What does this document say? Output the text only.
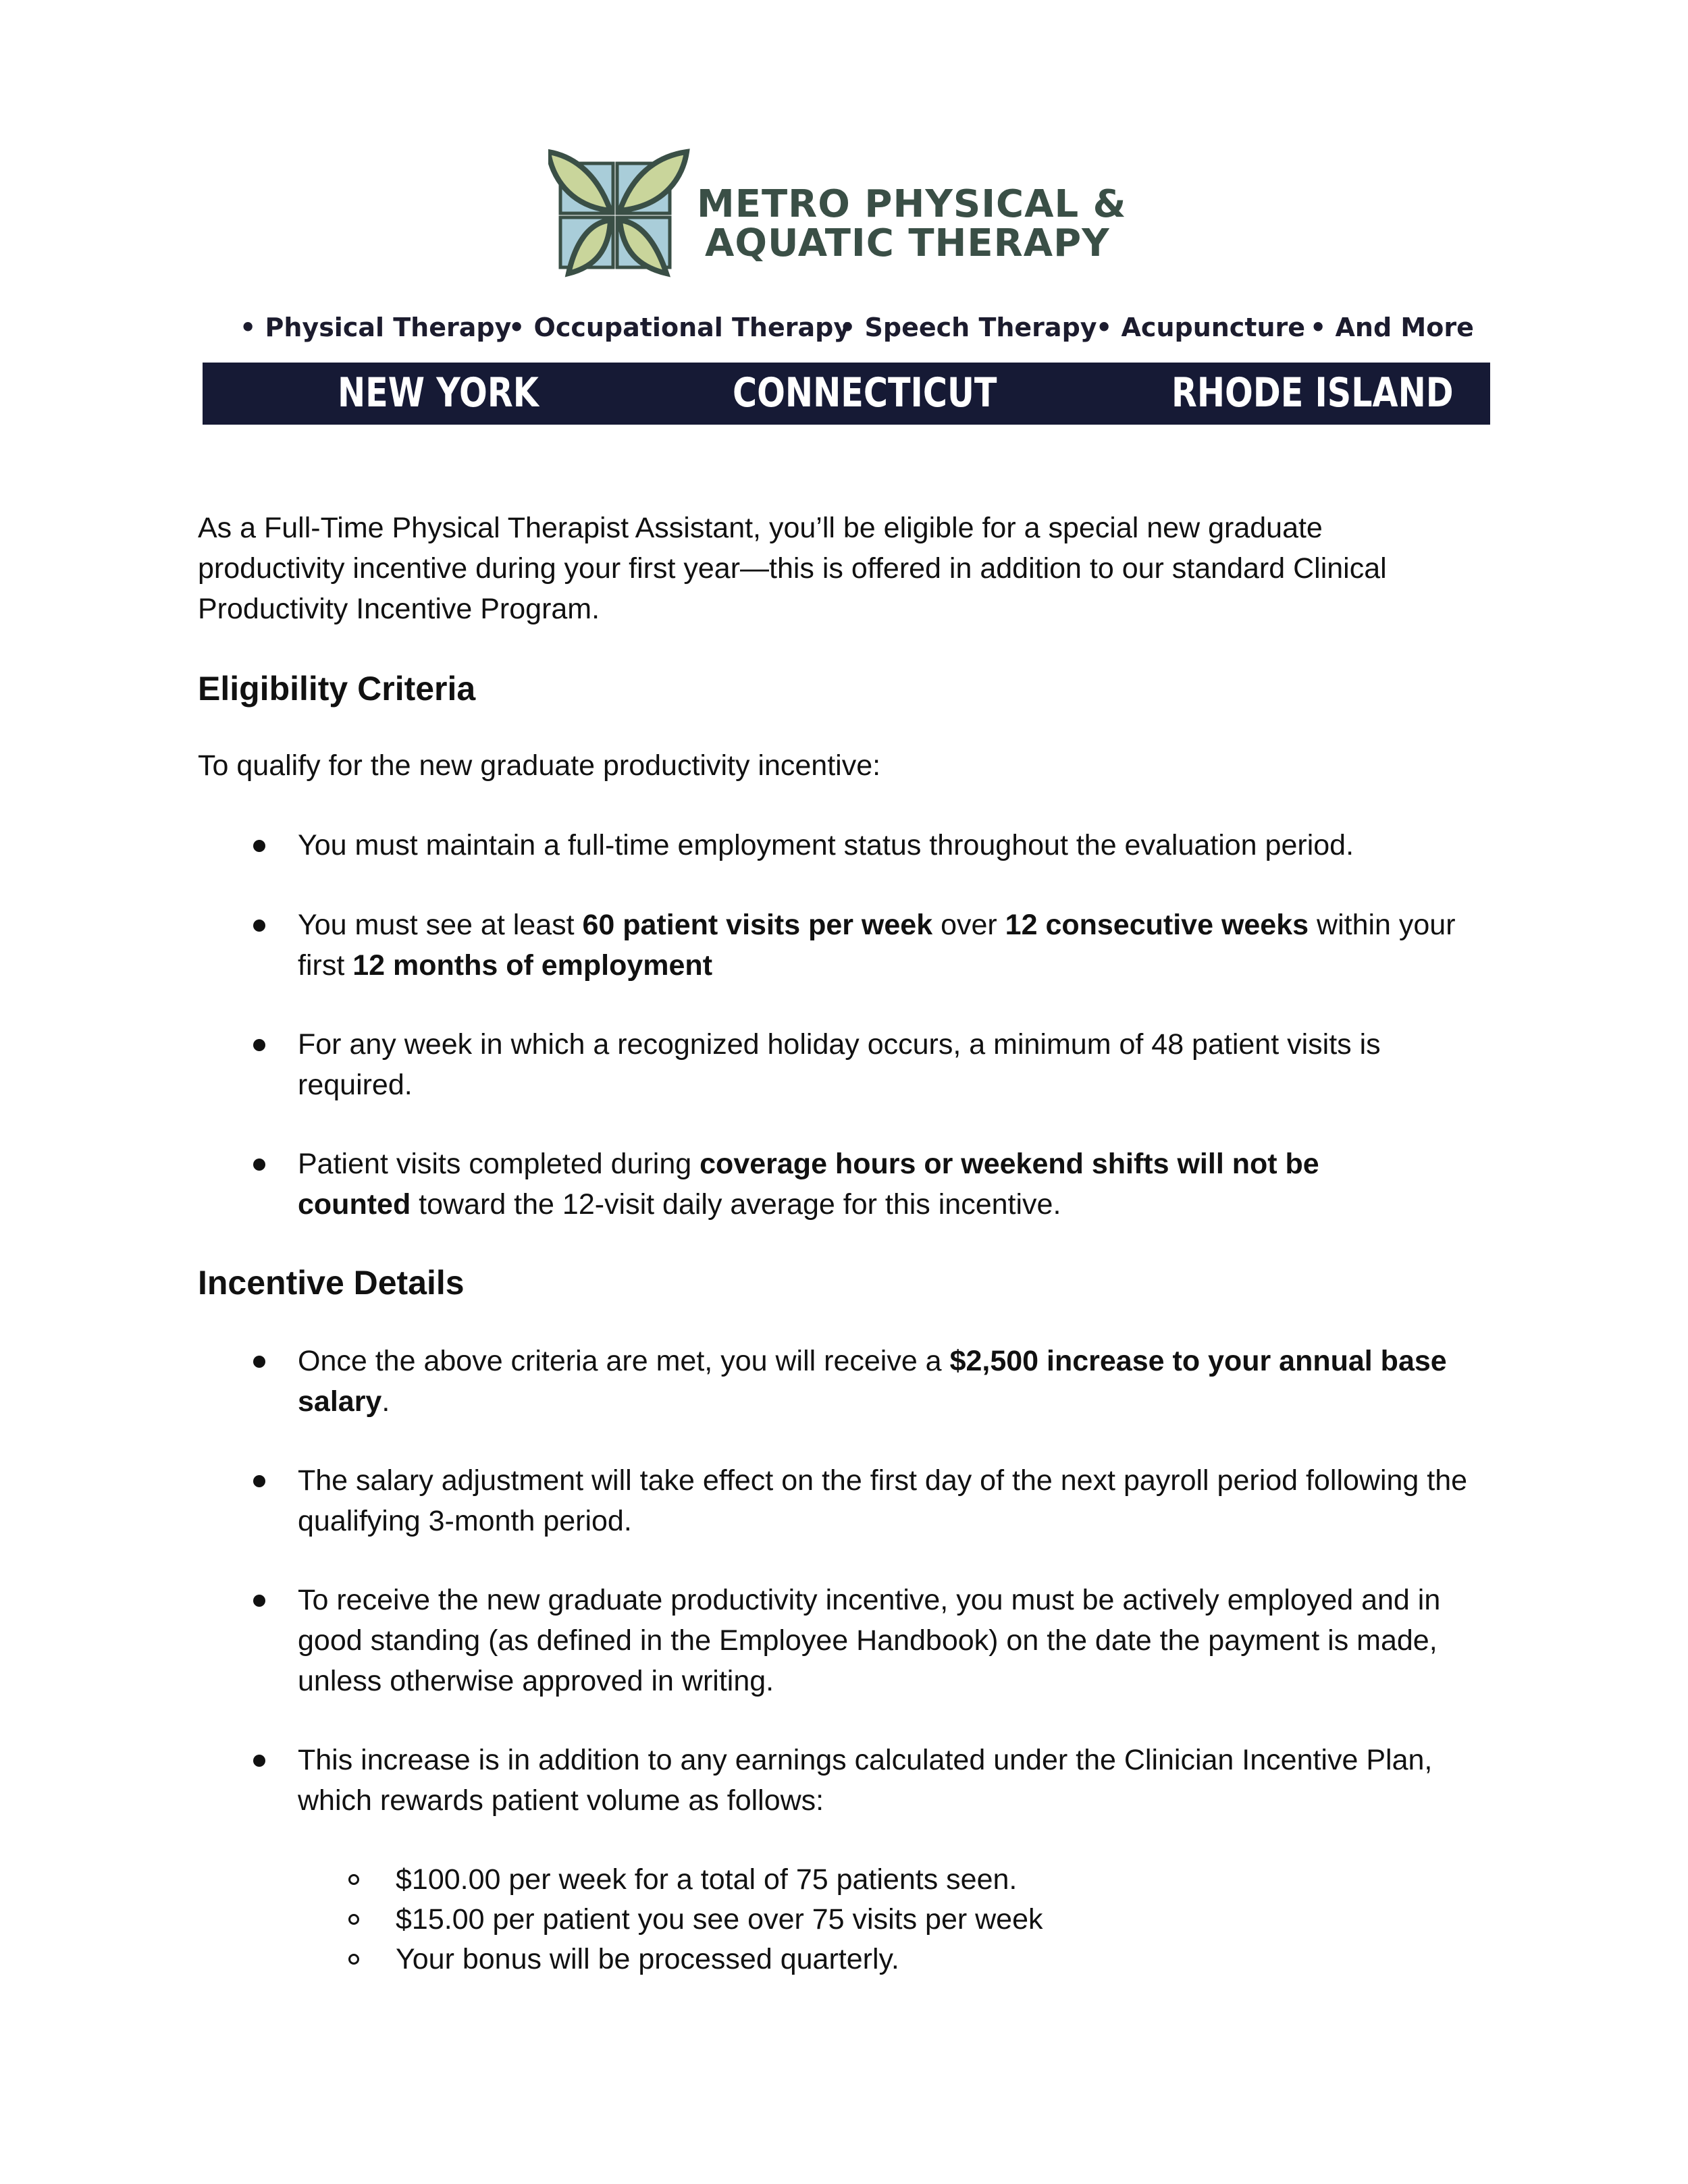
METRO PHYSICAL &
AQUATIC THERAPY
• Physical Therapy
• Occupational Therapy
• Speech Therapy
• Acupuncture • And More
NEW YORK	CONNECTICUT	RHODE ISLAND

As a Full-Time Physical Therapist Assistant, you’ll be eligible for a special new graduate productivity incentive during your first year—this is offered in addition to our standard Clinical Productivity Incentive Program.

Eligibility Criteria

To qualify for the new graduate productivity incentive:

You must maintain a full-time employment status throughout the evaluation period.
You must see at least 60 patient visits per week over 12 consecutive weeks within your first 12 months of employment
For any week in which a recognized holiday occurs, a minimum of 48 patient visits is required.
Patient visits completed during coverage hours or weekend shifts will not be counted toward the 12-visit daily average for this incentive.
Incentive Details
Once the above criteria are met, you will receive a $2,500 increase to your annual base salary.
The salary adjustment will take effect on the first day of the next payroll period following the qualifying 3-month period.
To receive the new graduate productivity incentive, you must be actively employed and in good standing (as defined in the Employee Handbook) on the date the payment is made, unless otherwise approved in writing.
This increase is in addition to any earnings calculated under the Clinician Incentive Plan, which rewards patient volume as follows:
$100.00 per week for a total of 75 patients seen.
$15.00 per patient you see over 75 visits per week
Your bonus will be processed quarterly.
